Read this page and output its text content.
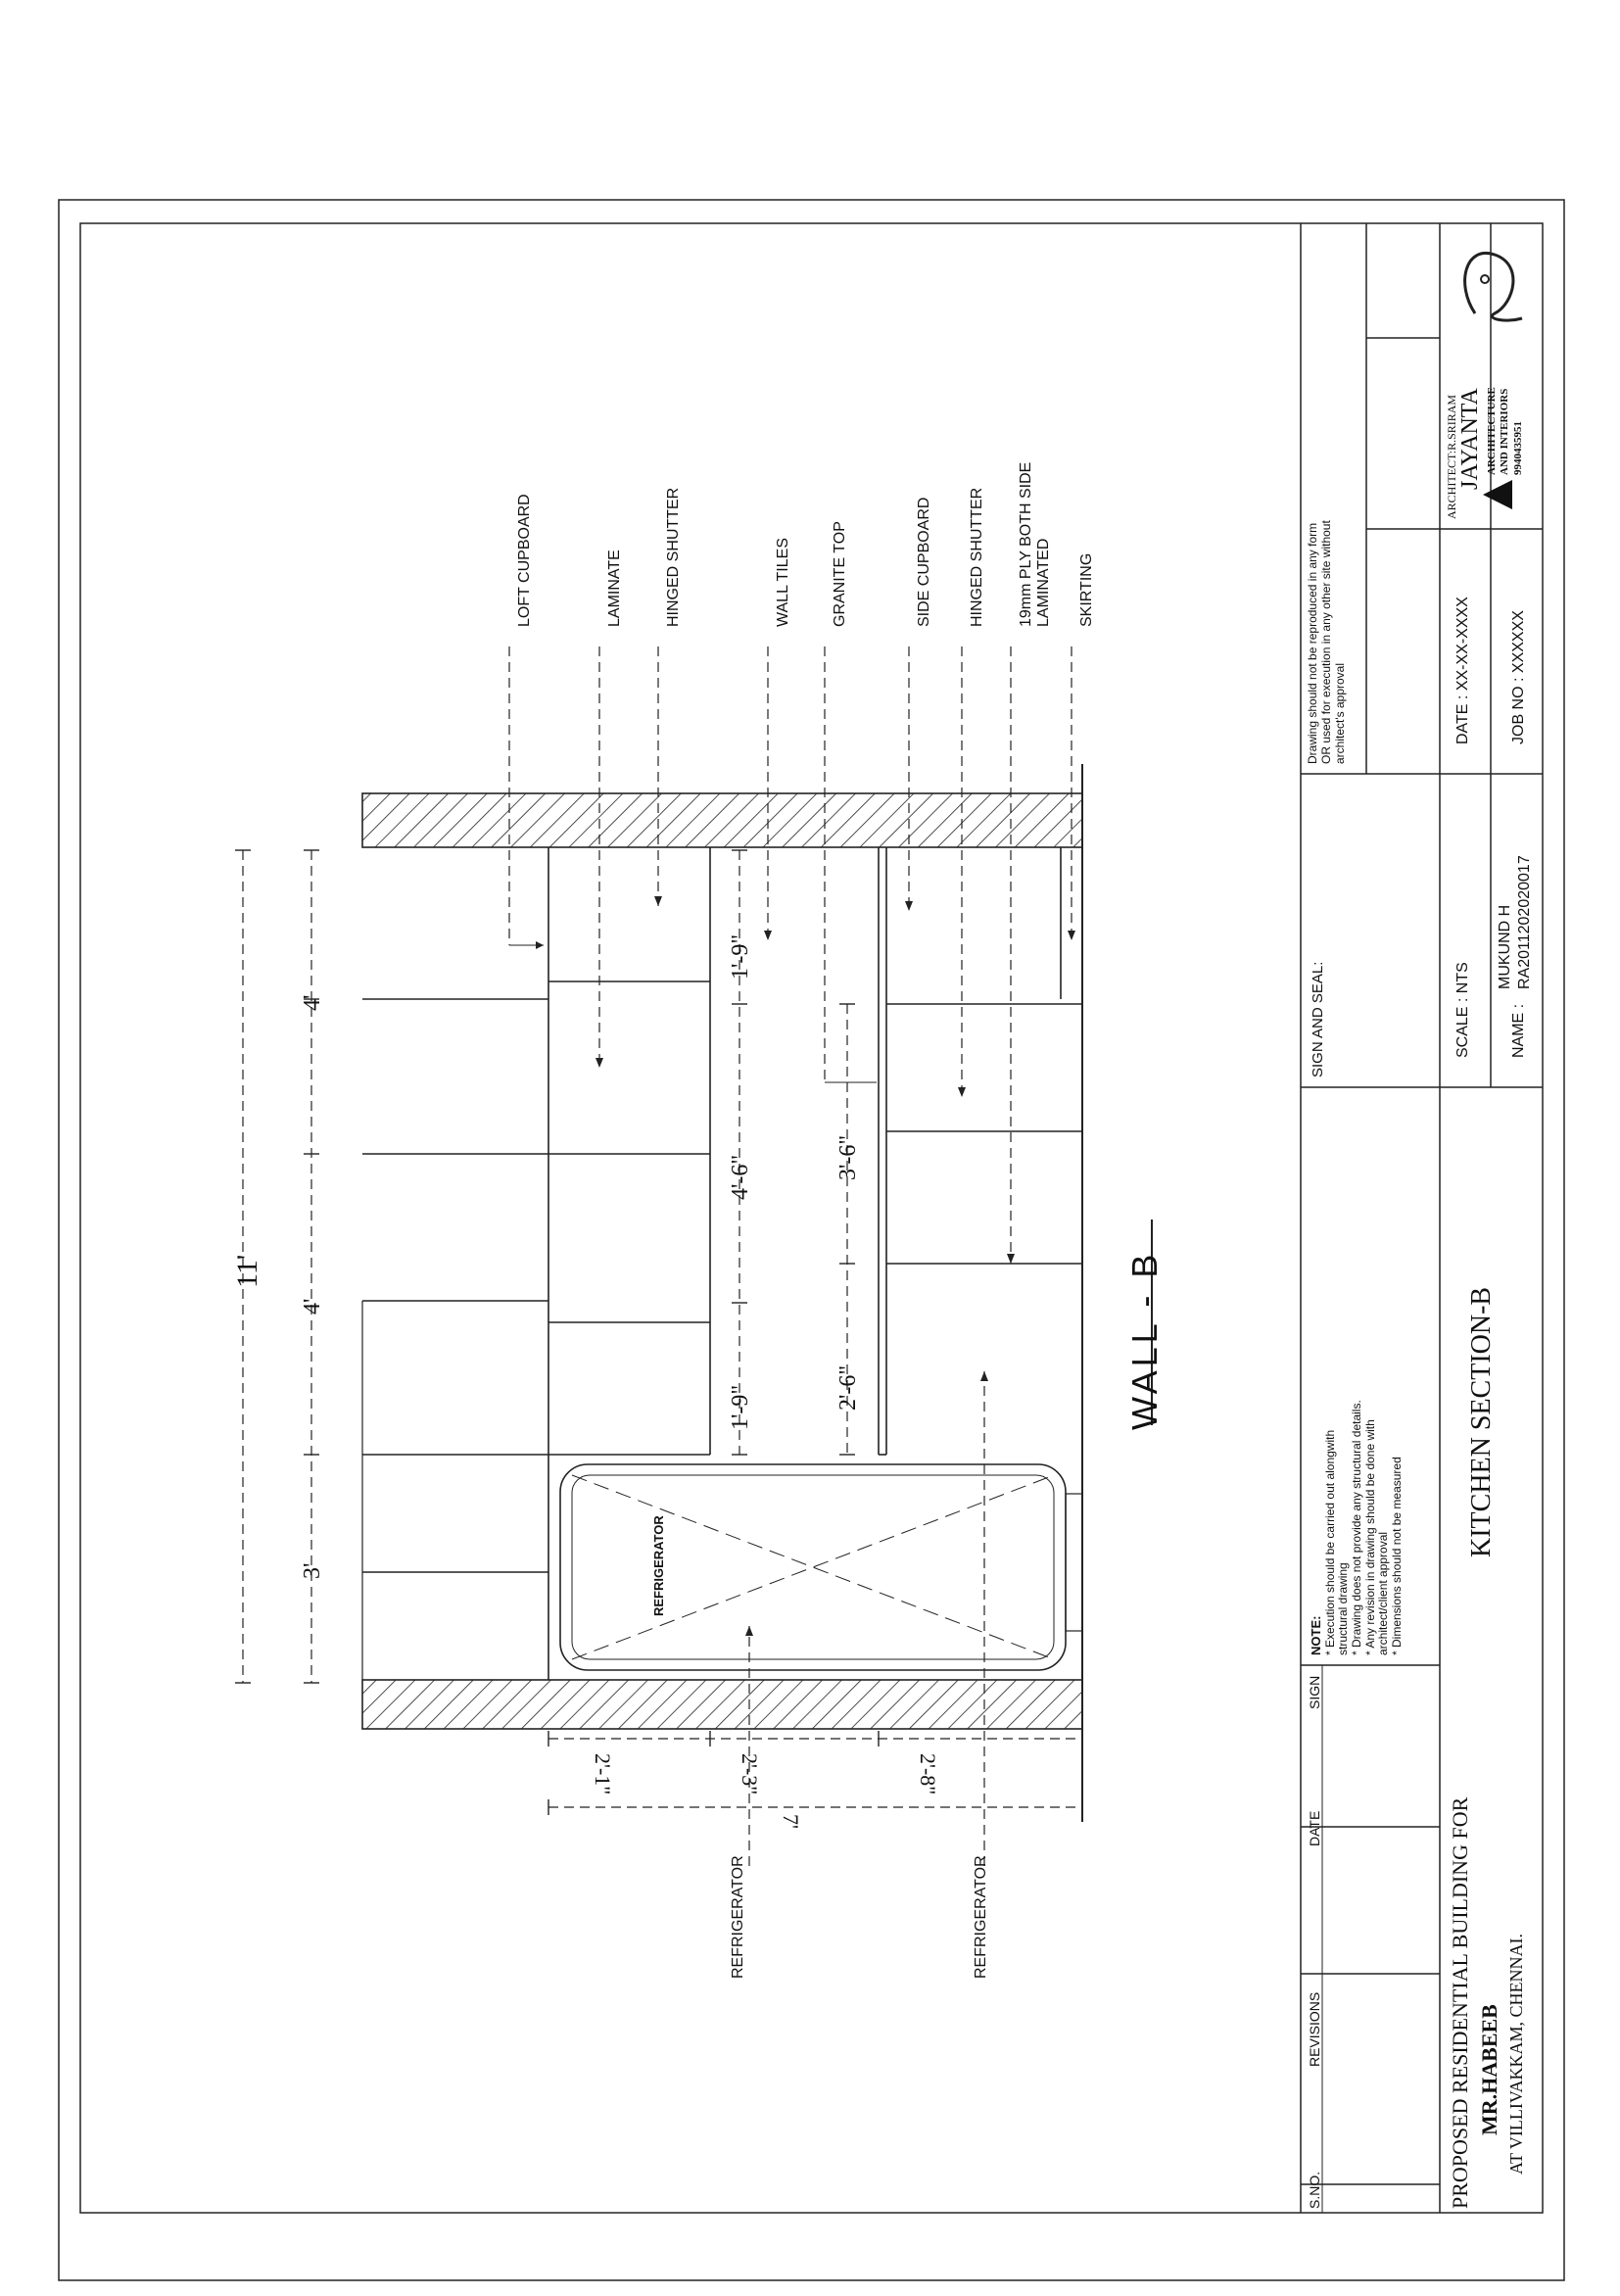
LOFT CUPBOARD	LAMINATE	HINGED SHUTTER	WALL TILES	GRANITE TOP	SIDE CUPBOARD HINGED SHUTTER 19mm PLY BOTH SIDE LAMINATED SKIRTING
REFRIGERATOR
REFRIGERATOR	REFRIGERATOR
11'
3'
4'
4'
1'-9"
4'-6"
1'-9"
2'-6"
3'-6"
2'-1"	2'-3"	2'-8"
7'
WALL - B
S.NO.
REVISIONS
DATE
SIGN
NOTE: * Execution should be carried out alongwith structural drawing * Drawing does not provide any structural details. * Any revision in drawing should be done with architect/client approval * Dimensions should not be measured
SIGN AND SEAL:
Drawing should not be reproduced in any form OR used for execution in any other site without architect's approval
PROPOSED RESIDENTIAL BUILDING FOR MR.HABEEB AT VILLIVAKKAM, CHENNAI.
KITCHEN SECTION-B
SCALE : NTS	NAME :
MUKUND H RA2011202020017
DATE : XX-XX-XXXX	JOB NO : XXXXXX
ARCHITECT:R.SRIRAM JAYANTA ARCHITECTURE AND INTERIORS 9940435951
